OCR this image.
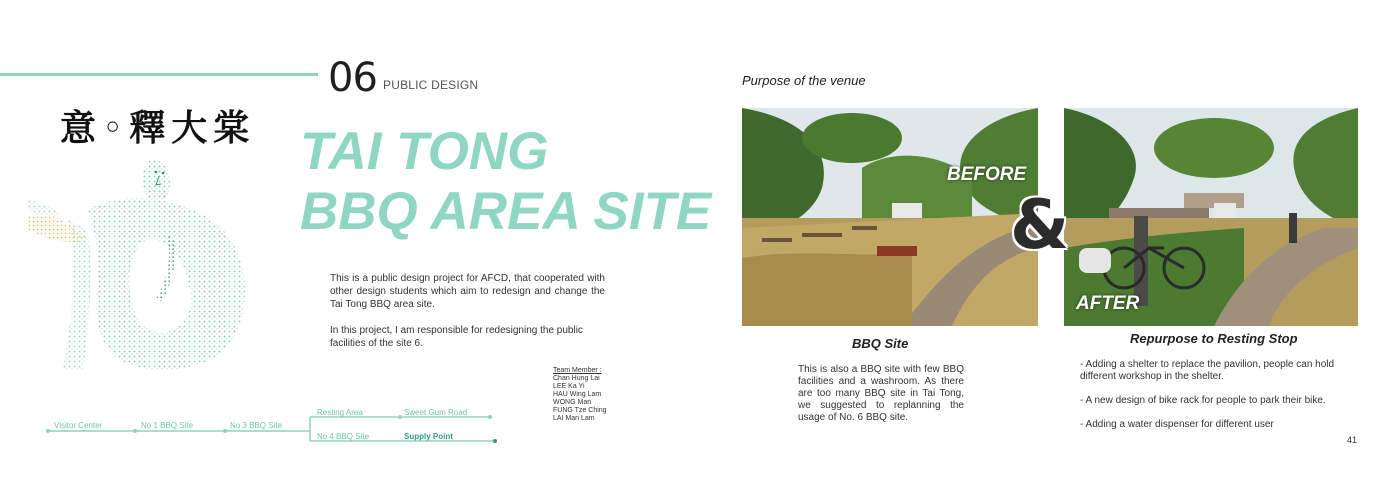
06 PUBLIC DESIGN
意◦釋大棠 TAI TONG
BBQ AREA SITE
This is a public design project for AFCD, that cooperated with other design students which aim to redesign and change the Tai Tong BBQ area site.
In this project, I am responsible for redesigning the public facilities of the site 6.
Team Member :
Chan Hung Lai
LEE Ka Yi
HAU Wing Lam
WONG Man
FUNG Tze Ching
LAI Man Lam
Visitor Center	No 1 BBQ Site	No 3 BBQ Site
Resting Area	Sweet Gum Road
No 4 BBQ Site	Supply Point
Purpose of the venue
BEFORE
AFTER
&
BBQ Site	Repurpose to Resting Stop
This is also a BBQ site with few BBQ facilities and a washroom. As there are too many BBQ site in Tai Tong, we suggested to replanning the usage of No. 6 BBQ site.

- Adding a shelter to replace the pavilion, people can hold different workshop in the shelter.

- A new design of bike rack for people to park their bike.

- Adding a water dispenser for different user

41
